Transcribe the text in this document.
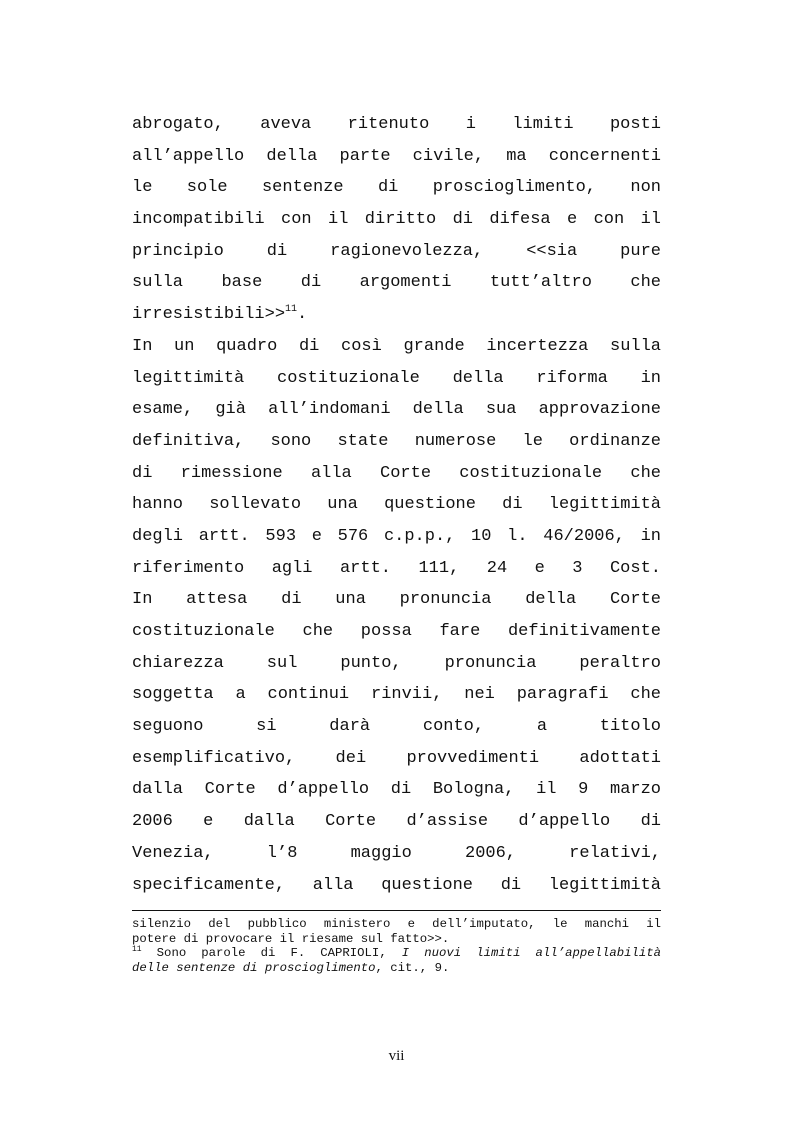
abrogato, aveva ritenuto i limiti posti
all’appello della parte civile, ma concernenti
le sole sentenze di proscioglimento, non
incompatibili con il diritto di difesa e con il
principio di ragionevolezza, <<sia pure
sulla base di argomenti tutt’altro che
irresistibili>>$^{11}$.
In un quadro di così grande incertezza sulla
legittimità costituzionale della riforma in
esame, già all’indomani della sua approvazione
definitiva, sono state numerose le ordinanze
di rimessione alla Corte costituzionale che
hanno sollevato una questione di legittimità
degli artt. 593 e 576 c.p.p., 10 l. 46/2006, in
riferimento agli artt. 111, 24 e 3 Cost.
In attesa di una pronuncia della Corte
costituzionale che possa fare definitivamente
chiarezza sul punto, pronuncia peraltro
soggetta a continui rinvii, nei paragrafi che
seguono si darà conto, a titolo
esemplificativo, dei provvedimenti adottati
dalla Corte d’appello di Bologna, il 9 marzo
2006 e dalla Corte d’assise d’appello di
Venezia, l’8 maggio 2006, relativi,
specificamente, alla questione di legittimità
silenzio del pubblico ministero e dell’imputato, le manchi il
potere di provocare il riesame sul fatto>>.
$^{11}$ Sono parole di F. CAPRIOLI, I nuovi limiti all’appellabilità
delle sentenze di proscioglimento, cit., 9.
vii
